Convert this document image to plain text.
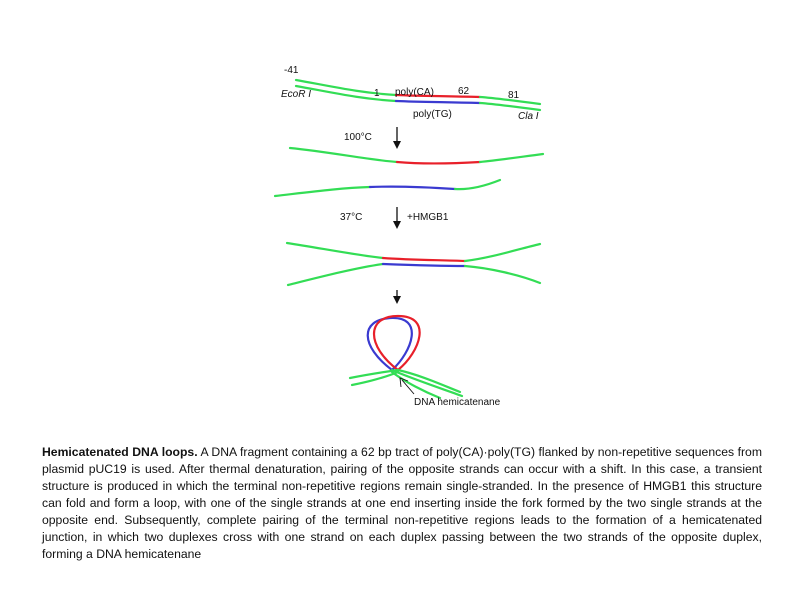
-41
EcoR I	1 poly(CA) 62	81
Cla I
poly(TG)
100°C
37°C	+HMGB1
DNA hemicatenane
Hemicatenated DNA loops. A DNA fragment containing a 62 bp tract of poly(CA)·poly(TG) flanked by non-repetitive sequences from plasmid pUC19 is used. After thermal denaturation, pairing of the opposite strands can occur with a shift. In this case, a transient structure is produced in which the terminal non-repetitive regions remain single-stranded. In the presence of HMGB1 this structure can fold and form a loop, with one of the single strands at one end inserting inside the fork formed by the two single strands at the opposite end. Subsequently, complete pairing of the terminal non-repetitive regions leads to the formation of a hemicatenated junction, in which two duplexes cross with one strand on each duplex passing between the two strands of the opposite duplex, forming a DNA hemicatenane
